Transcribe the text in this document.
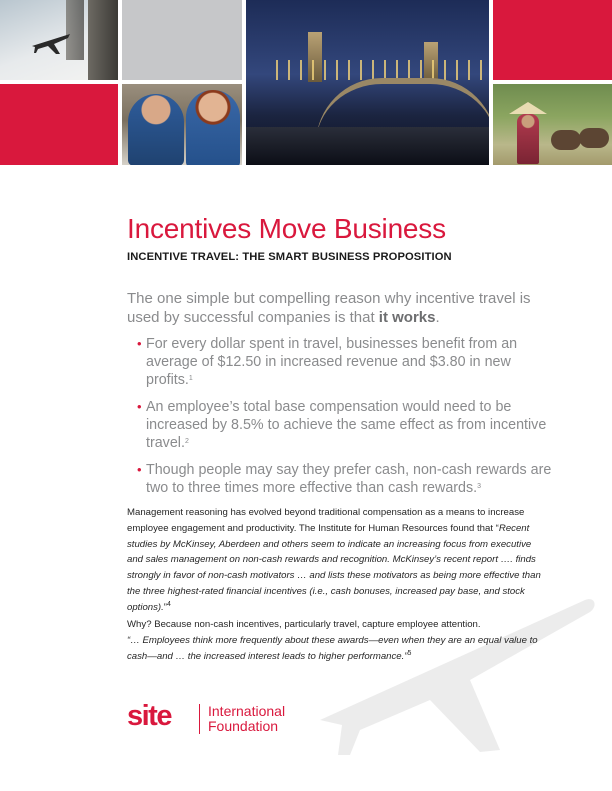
Incentives Move Business
INCENTIVE TRAVEL: THE SMART BUSINESS PROPOSITION

The one simple but compelling reason why incentive travel is used by successful companies is that it works.

• For every dollar spent in travel, businesses benefit from an average of $12.50 in increased revenue and $3.80 in new profits.$^1$
• An employee’s total base compensation would need to be increased by 8.5% to achieve the same effect as from incentive travel.$^2$
• Though people may say they prefer cash, non-cash rewards are two to three times more effective than cash rewards.$^3$

Management reasoning has evolved beyond traditional compensation as a means to increase employee engagement and productivity. The Institute for Human Resources found that “Recent studies by McKinsey, Aberdeen and others seem to indicate an increasing focus from executive and sales management on non-cash rewards and recognition. McKinsey’s recent report …. finds strongly in favor of non-cash motivators … and lists these motivators as being more effective than the three highest-rated financial incentives (i.e., cash bonuses, increased pay base, and stock options).”$^4$

Why? Because non-cash incentives, particularly travel, capture employee attention.
“… Employees think more frequently about these awards—even when they are an equal value to cash—and … the increased interest leads to higher performance.”$^5$

site	International
Foundation
